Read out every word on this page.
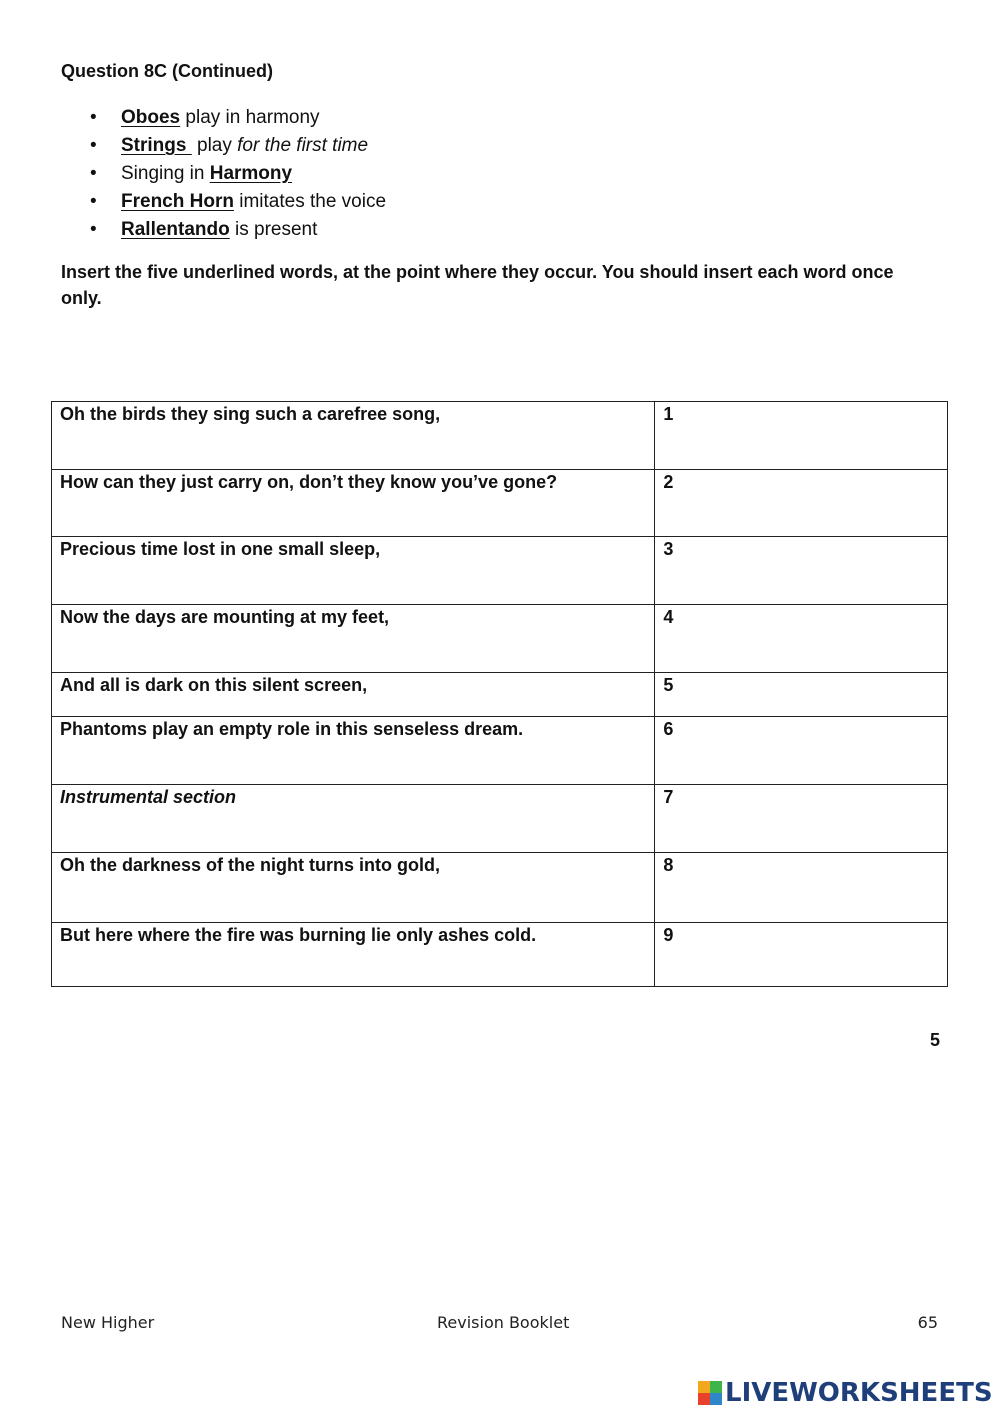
Question 8C (Continued)

• Oboes play in harmony
• Strings  play for the first time
• Singing in Harmony
• French Horn imitates the voice
• Rallentando is present

Insert the five underlined words, at the point where they occur. You should insert each word once only.

Oh the birds they sing such a carefree song,	1
How can they just carry on, don’t they know you’ve gone?	2
Precious time lost in one small sleep,	3
Now the days are mounting at my feet,	4
And all is dark on this silent screen,	5
Phantoms play an empty role in this senseless dream.	6
Instrumental section	7
Oh the darkness of the night turns into gold,	8
But here where the fire was burning lie only ashes cold.	9
5
New Higher	Revision Booklet	65
LIVEWORKSHEETS
